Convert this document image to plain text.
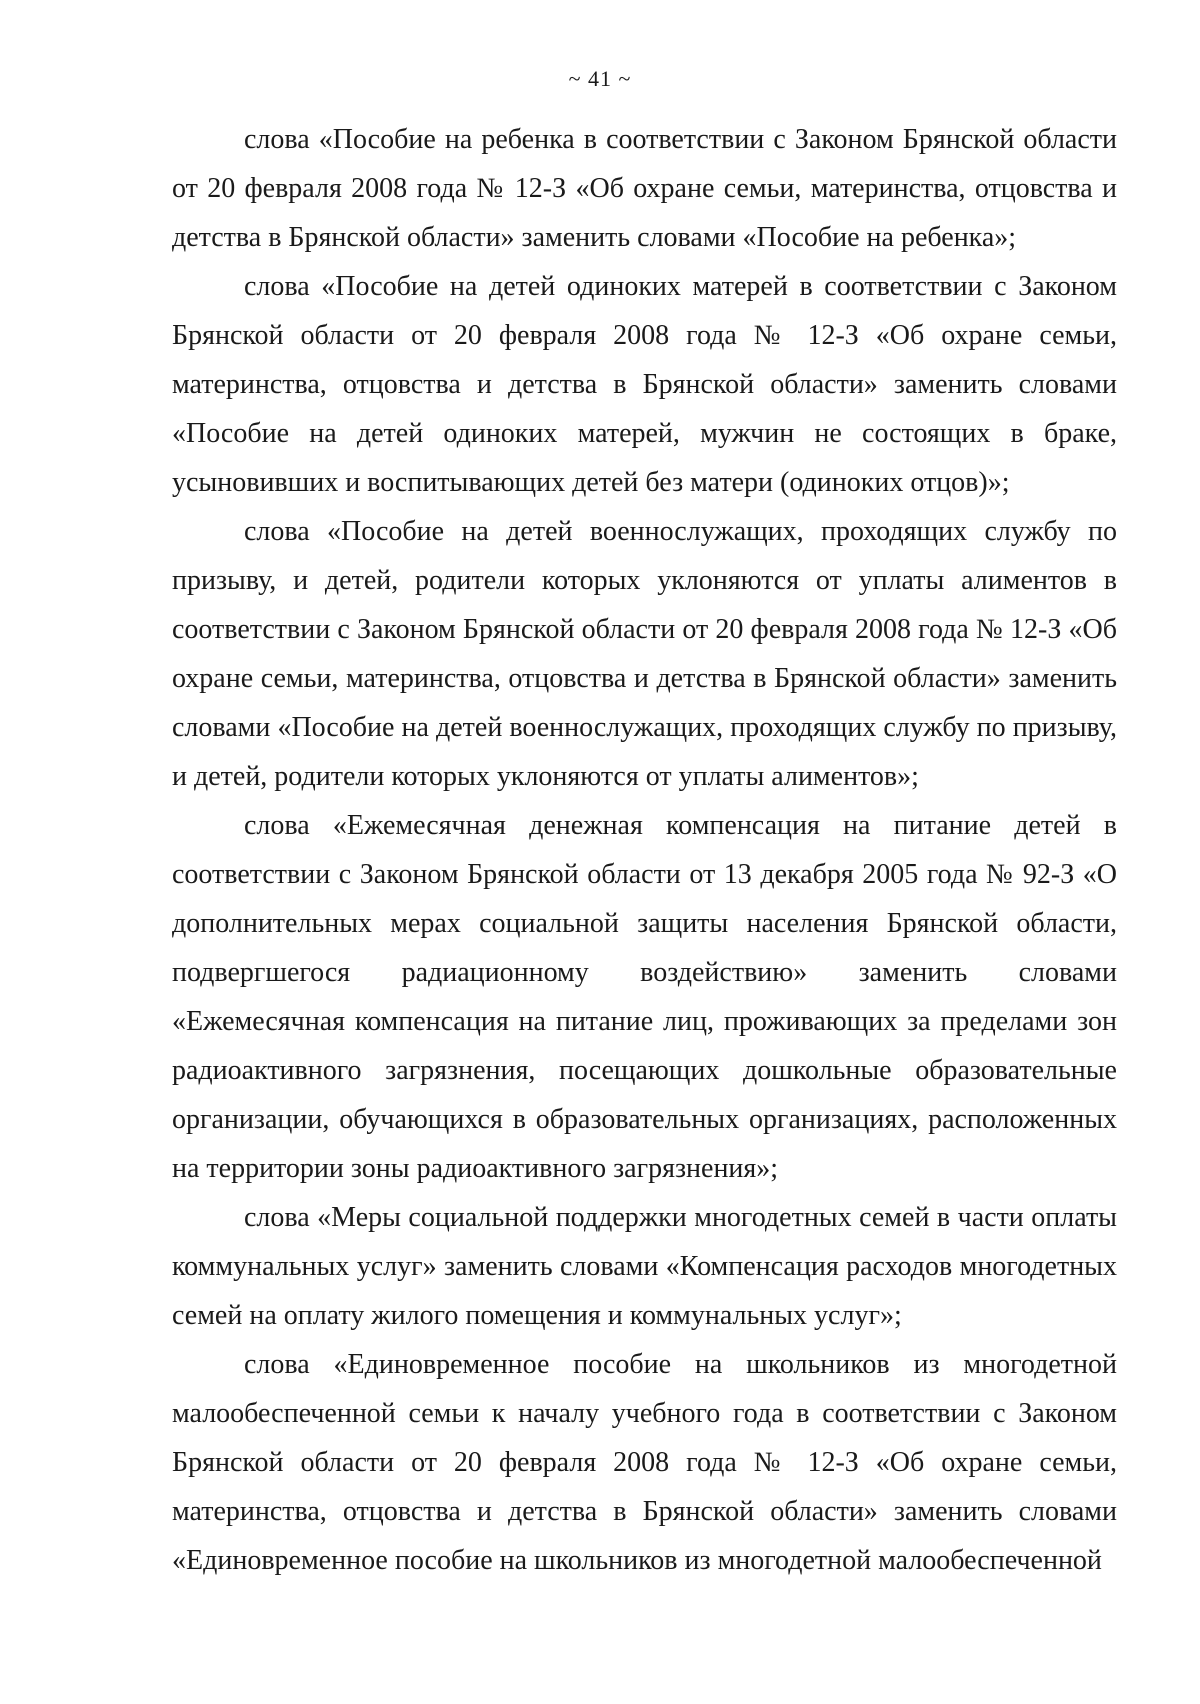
~ 41 ~

слова «Пособие на ребенка в соответствии с Законом Брянской области от 20 февраля 2008 года № 12-З «Об охране семьи, материнства, отцовства и детства в Брянской области» заменить словами «Пособие на ребенка»;

слова «Пособие на детей одиноких матерей в соответствии с Законом Брянской области от 20 февраля 2008 года № 12-З «Об охране семьи, материнства, отцовства и детства в Брянской области» заменить словами «Пособие на детей одиноких матерей, мужчин не состоящих в браке, усыновивших и воспитывающих детей без матери (одиноких отцов)»;

слова «Пособие на детей военнослужащих, проходящих службу по призыву, и детей, родители которых уклоняются от уплаты алиментов в соответствии с Законом Брянской области от 20 февраля 2008 года № 12-З «Об охране семьи, материнства, отцовства и детства в Брянской области» заменить словами «Пособие на детей военнослужащих, проходящих службу по призыву, и детей, родители которых уклоняются от уплаты алиментов»;

слова «Ежемесячная денежная компенсация на питание детей в соответствии с Законом Брянской области от 13 декабря 2005 года № 92-З «О дополнительных мерах социальной защиты населения Брянской области, подвергшегося радиационному воздействию» заменить словами «Ежемесячная компенсация на питание лиц, проживающих за пределами зон радиоактивного загрязнения, посещающих дошкольные образовательные организации, обучающихся в образовательных организациях, расположенных на территории зоны радиоактивного загрязнения»;

слова «Меры социальной поддержки многодетных семей в части оплаты коммунальных услуг» заменить словами «Компенсация расходов многодетных семей на оплату жилого помещения и коммунальных услуг»;

слова «Единовременное пособие на школьников из многодетной малообеспеченной семьи к началу учебного года в соответствии с Законом Брянской области от 20 февраля 2008 года № 12-З «Об охране семьи, материнства, отцовства и детства в Брянской области» заменить словами «Единовременное пособие на школьников из многодетной малообеспеченной
